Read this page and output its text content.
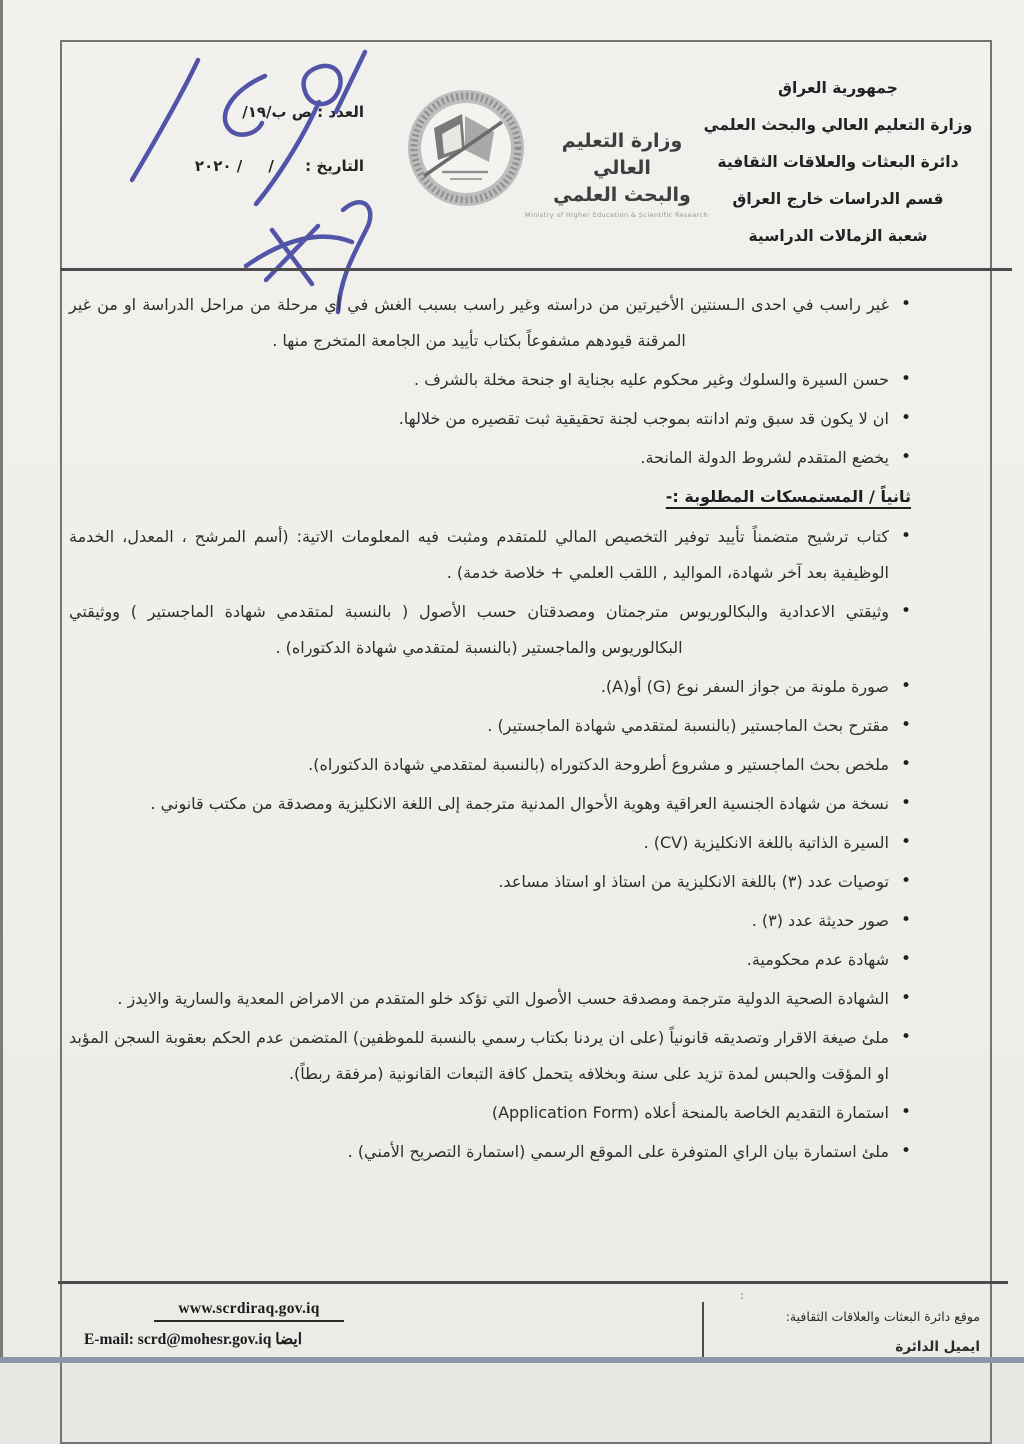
جمهورية العراق
وزارة التعليم العالي والبحث العلمي
دائرة البعثات والعلاقات الثقافية
قسم الدراسات خارج العراق
شعبة الزمالات الدراسية
وزارة التعليم العالي
والبحث العلمي
Ministry of Higher Education & Scientific Research
العدد : ص ب/١٩/
التاريخ :      /     / ٢٠٢٠
• غير راسب في احدى الـسنتين الأخيرتين من دراسته وغير راسب بسبب الغش في أي مرحلة من مراحل الدراسة او من غير المرقنة قيودهم مشفوعاً بكتاب تأييد من الجامعة المتخرج منها .
• حسن السيرة والسلوك وغير محكوم عليه بجناية او جنحة مخلة بالشرف .
• ان لا يكون قد سبق وتم ادانته بموجب لجنة تحقيقية ثبت تقصيره من خلالها.
• يخضع المتقدم لشروط الدولة المانحة.
ثانياً / المستمسكات المطلوبة :-
• كتاب ترشيح متضمناً تأييد توفير التخصيص المالي للمتقدم ومثبت فيه المعلومات الاتية: (أسم المرشح ، المعدل، الخدمة الوظيفية بعد آخر شهادة، المواليد , اللقب العلمي + خلاصة خدمة) .
• وثيقتي الاعدادية والبكالوريوس مترجمتان ومصدقتان حسب الأصول ( بالنسبة لمتقدمي شهادة الماجستير ) ووثيقتي البكالوريوس والماجستير (بالنسبة لمتقدمي شهادة الدكتوراه) .
• صورة ملونة من جواز السفر نوع (G) أو(A).
• مقترح بحث الماجستير (بالنسبة لمتقدمي شهادة الماجستير) .
• ملخص بحث الماجستير و مشروع أطروحة الدكتوراه (بالنسبة لمتقدمي شهادة الدكتوراه).
• نسخة من شهادة الجنسية العراقية وهوية الأحوال المدنية مترجمة إلى اللغة الانكليزية ومصدقة من مكتب قانوني .
• السيرة الذاتية باللغة الانكليزية (CV) .
• توصيات عدد (٣) باللغة الانكليزية من استاذ او استاذ مساعد.
• صور حديثة عدد (٣) .
• شهادة عدم محكومية.
• الشهادة الصحية الدولية مترجمة ومصدقة حسب الأصول التي تؤكد خلو المتقدم من الامراض المعدية والسارية والايدز .
• ملئ صيغة الاقرار وتصديقه قانونياً (على ان يردنا بكتاب رسمي بالنسبة للموظفين) المتضمن عدم الحكم بعقوبة السجن المؤبد او المؤقت والحبس لمدة تزيد على سنة وبخلافه يتحمل كافة التبعات القانونية (مرفقة ربطاً).
• استمارة التقديم الخاصة بالمنحة أعلاه (Application Form)
• ملئ استمارة بيان الراي المتوفرة على الموقع الرسمي (استمارة التصريح الأمني) .
:
موقع دائرة البعثات والعلاقات الثقافية:
ايميل الدائرة
www.scrdiraq.gov.iq
E-mail: scrd@mohesr.gov.iq ايضا
